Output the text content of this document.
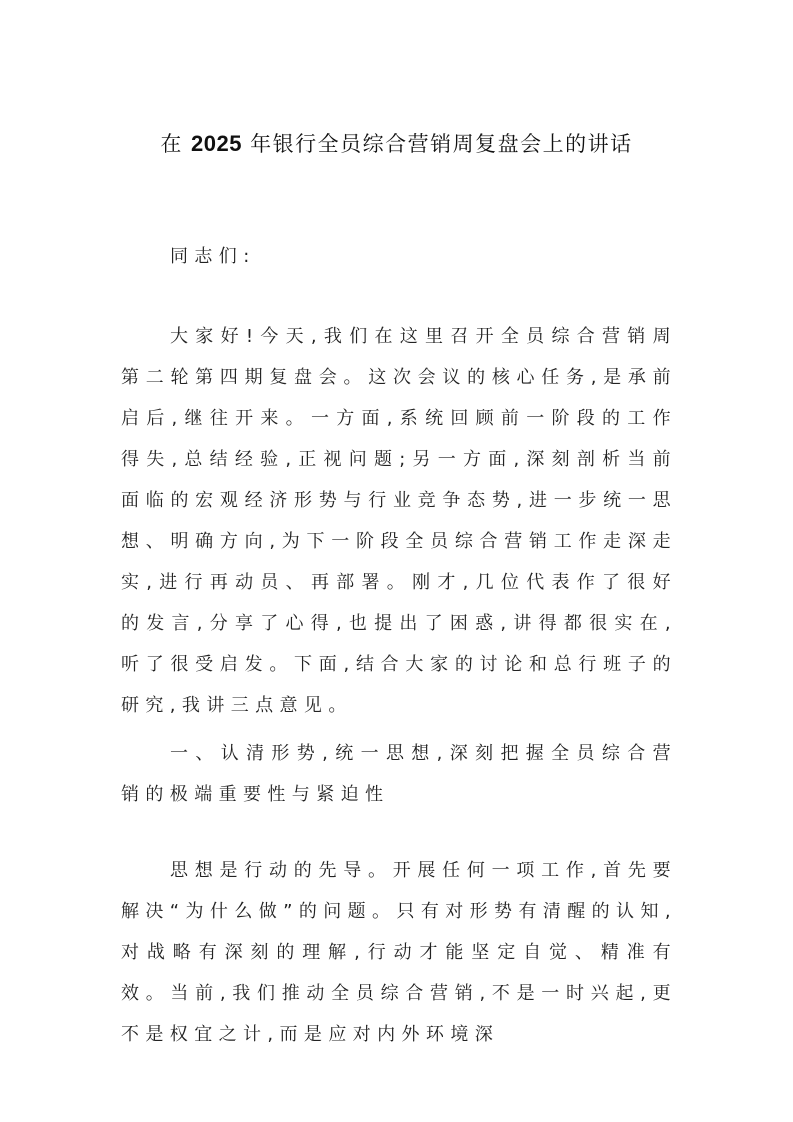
在 2025 年银行全员综合营销周复盘会上的讲话

同志们:

大家好!今天,我们在这里召开全员综合营销周第二轮第四期复盘会。这次会议的核心任务,是承前启后,继往开来。一方面,系统回顾前一阶段的工作得失,总结经验,正视问题;另一方面,深刻剖析当前面临的宏观经济形势与行业竞争态势,进一步统一思想、明确方向,为下一阶段全员综合营销工作走深走实,进行再动员、再部署。刚才,几位代表作了很好的发言,分享了心得,也提出了困惑,讲得都很实在,听了很受启发。下面,结合大家的讨论和总行班子的研究,我讲三点意见。

一、认清形势,统一思想,深刻把握全员综合营销的极端重要性与紧迫性

思想是行动的先导。开展任何一项工作,首先要解决“为什么做”的问题。只有对形势有清醒的认知,对战略有深刻的理解,行动才能坚定自觉、精准有效。当前,我们推动全员综合营销,不是一时兴起,更不是权宜之计,而是应对内外环境深
